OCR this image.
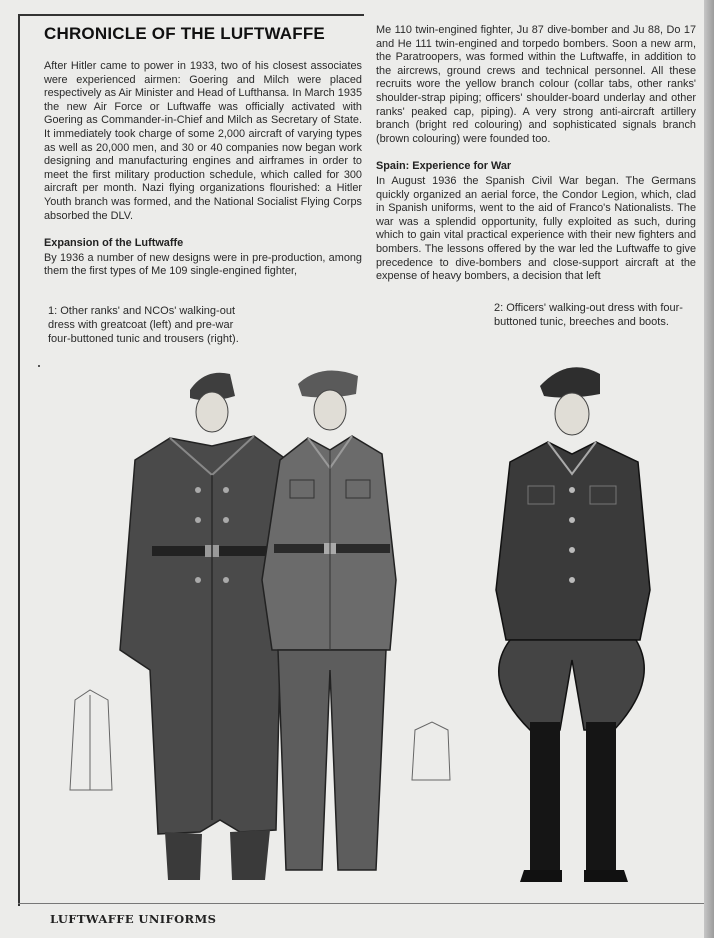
CHRONICLE OF THE LUFTWAFFE

After Hitler came to power in 1933, two of his closest associates were experienced airmen: Goering and Milch were placed respectively as Air Minister and Head of Lufthansa. In March 1935 the new Air Force or Luftwaffe was officially activated with Goering as Commander-in-Chief and Milch as Secretary of State. It immediately took charge of some 2,000 aircraft of varying types as well as 20,000 men, and 30 or 40 companies now began work designing and manufacturing engines and airframes in order to meet the first military production schedule, which called for 300 aircraft per month. Nazi flying organizations flourished: a Hitler Youth branch was formed, and the National Socialist Flying Corps absorbed the DLV.

Expansion of the Luftwaffe

By 1936 a number of new designs were in pre-production, among them the first types of Me 109 single-engined fighter,

Me 110 twin-engined fighter, Ju 87 dive-bomber and Ju 88, Do 17 and He 111 twin-engined and torpedo bombers. Soon a new arm, the Paratroopers, was formed within the Luftwaffe, in addition to the aircrews, ground crews and technical personnel. All these recruits wore the yellow branch colour (collar tabs, other ranks' shoulder-strap piping; officers' shoulder-board underlay and other ranks' peaked cap, piping). A very strong anti-aircraft artillery branch (bright red colouring) and sophisticated signals branch (brown colouring) were founded too.

Spain: Experience for War

In August 1936 the Spanish Civil War began. The Germans quickly organized an aerial force, the Condor Legion, which, clad in Spanish uniforms, went to the aid of Franco's Nationalists. The war was a splendid opportunity, fully exploited as such, during which to gain vital practical experience with their new fighters and bombers. The lessons offered by the war led the Luftwaffe to give precedence to dive-bombers and close-support aircraft at the expense of heavy bombers, a decision that left

1: Other ranks' and NCOs' walking-out dress with greatcoat (left) and pre-war four-buttoned tunic and trousers (right).
2: Officers' walking-out dress with four-buttoned tunic, breeches and boots.
LUFTWAFFE UNIFORMS
